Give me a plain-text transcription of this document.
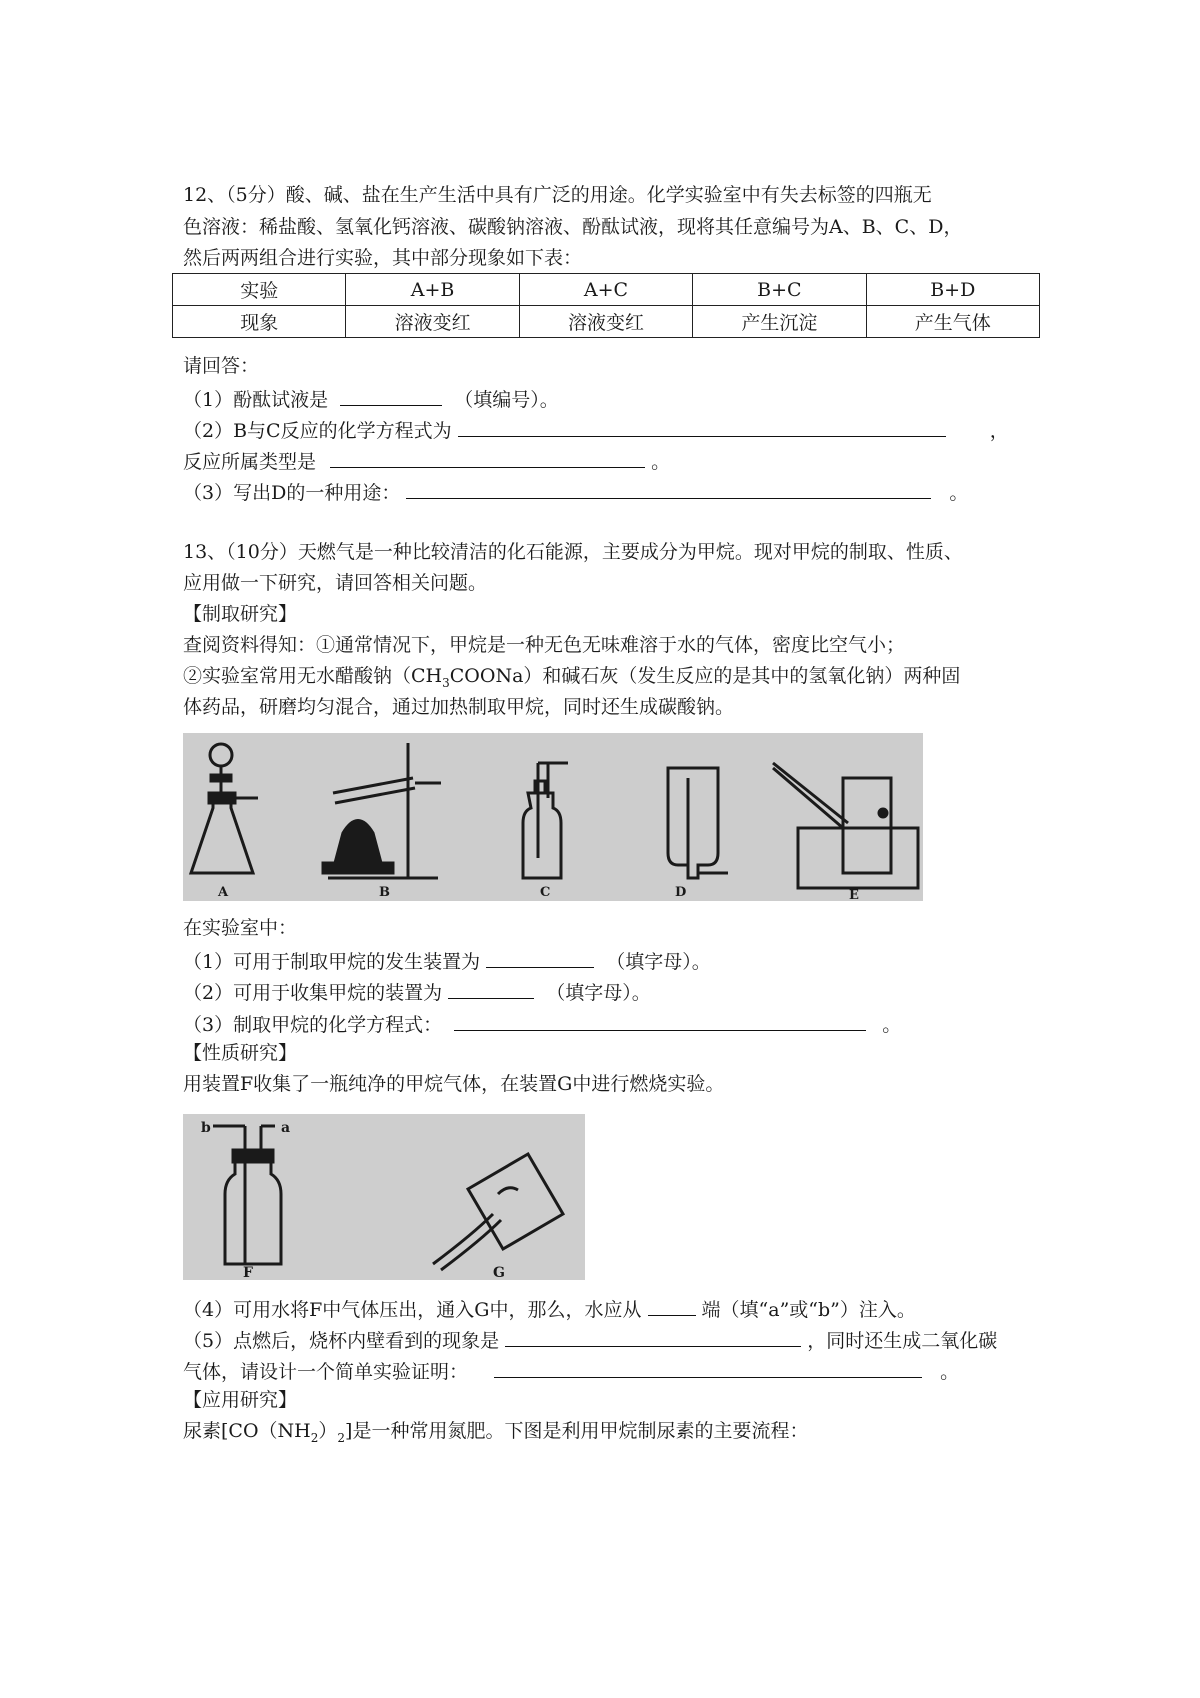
12、（5分）酸、碱、盐在生产生活中具有广泛的用途。化学实验室中有失去标签的四瓶无
色溶液：稀盐酸、氢氧化钙溶液、碳酸钠溶液、酚酞试液，现将其任意编号为A、B、C、D，
然后两两组合进行实验，其中部分现象如下表：
实验	A+B	A+C	B+C	B+D
现象	溶液变红	溶液变红	产生沉淀	产生气体
请回答：
（1）酚酞试液是	（填编号）。
（2）B与C反应的化学方程式为	，
反应所属类型是	。
（3）写出D的一种用途：	。
13、（10分）天燃气是一种比较清洁的化石能源，主要成分为甲烷。现对甲烷的制取、性质、
应用做一下研究，请回答相关问题。
【制取研究】
查阅资料得知：①通常情况下，甲烷是一种无色无味难溶于水的气体，密度比空气小；
②实验室常用无水醋酸钠$(CH_3COONa)$和碱石灰（发生反应的是其中的氢氧化钠）两种固
体药品，研磨均匀混合，通过加热制取甲烷，同时还生成碳酸钠。
A	B	C	D	E
在实验室中：
（1）可用于制取甲烷的发生装置为	（填字母）。
（2）可用于收集甲烷的装置为	（填字母）。
（3）制取甲烷的化学方程式：	。
【性质研究】
用装置F收集了一瓶纯净的甲烷气体，在装置G中进行燃烧实验。
b	a
F	G
（4）可用水将F中气体压出，通入G中，那么，水应从	端（填“a”或“b”）注入。
（5）点燃后，烧杯内壁看到的现象是	，同时还生成二氧化碳
气体，请设计一个简单实验证明：	。
【应用研究】
尿素$[CO(NH_2)_2]$是一种常用氮肥。下图是利用甲烷制尿素的主要流程：
